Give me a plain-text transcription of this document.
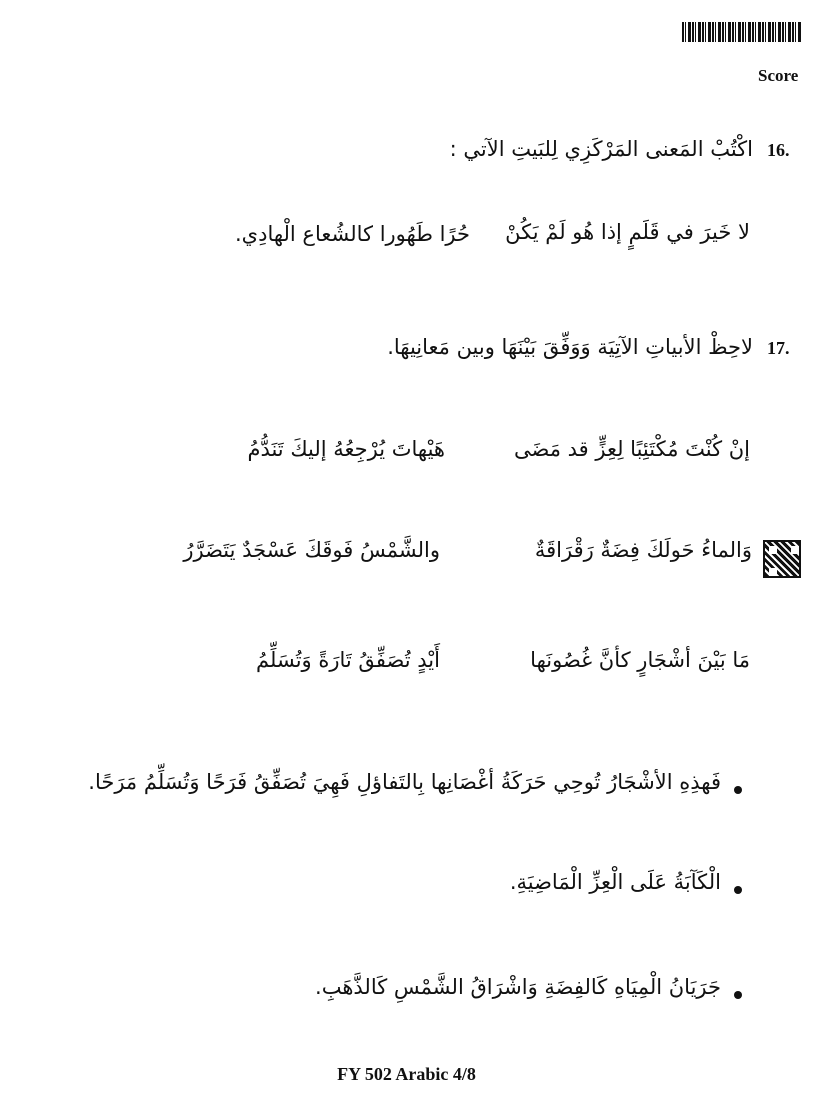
Score
16.
اكْتُبْ المَعنى المَرْكَزِي لِلبَيتِ الآتي :
لا خَيرَ في قَلَمٍ إذا هُو لَمْ يَكُنْ
حُرًا طَهُورا كالشُعاع الْهادِي.
17.
لاحِظْ الأبياتِ الآتِيَة وَوَفِّقَ بَيْنَهَا وبين مَعانِيهَا.
إنْ كُنْتَ مُكْتَئِبًا لِعِزٍّ قد مَضَى
هَيْهاتَ يُرْجِعُهُ إليكَ تَنَدُّمُ
وَالماءُ حَولَكَ فِضَةٌ رَقْرَاقَةٌ
والشَّمْسُ فَوقَكَ عَسْجَدٌ يَتَضَرَّرُ
مَا بَيْنَ أشْجَارٍ كأنَّ غُصُونَها
أَيْدٍ تُصَفِّقُ تَارَةً وَتُسَلِّمُ
فَهذِهِ الأشْجَارُ تُوحِي حَرَكَةُ أغْصَانِها بِالتَفاؤلِ فَهِيَ تُصَفِّقُ فَرَحًا وَتُسَلِّمُ مَرَحًا.
الْكَآبَةُ عَلَى الْعِزِّ الْمَاضِيَةِ.
جَرَيَانُ الْمِيَاهِ كَالفِضَةِ وَاشْرَاقُ الشَّمْسِ كَالذَّهَبِ.
FY 502 Arabic 4/8
